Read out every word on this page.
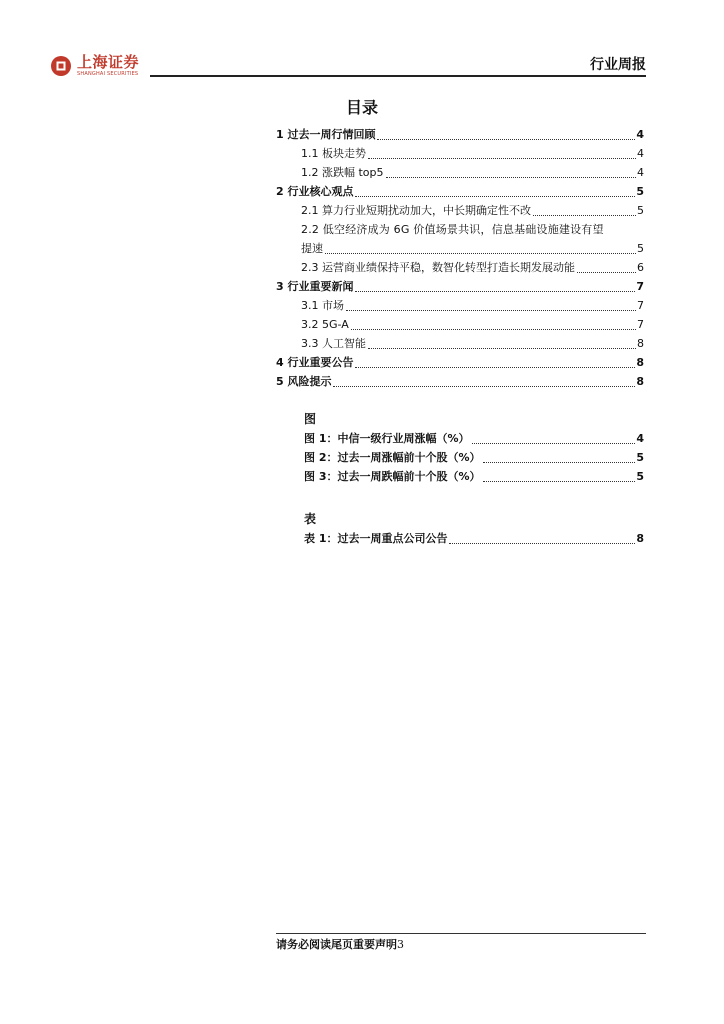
上海证券
SHANGHAI SECURITIES
行业周报
目录
1 过去一周行情回顾	4
1.1 板块走势	4
1.2 涨跌幅 top5	4
2 行业核心观点	5
2.1 算力行业短期扰动加大，中长期确定性不改	5
2.2 低空经济成为 6G 价值场景共识，信息基础设施建设有望
提速	5
2.3 运营商业绩保持平稳，数智化转型打造长期发展动能	6
3 行业重要新闻	7
3.1 市场	7
3.2 5G-A	7
3.3 人工智能	8
4 行业重要公告	8
5 风险提示	8
图
图 1：中信一级行业周涨幅（%）	4
图 2：过去一周涨幅前十个股（%）	5
图 3：过去一周跌幅前十个股（%）	5
表
表 1：过去一周重点公司公告	8
请务必阅读尾页重要声明3
